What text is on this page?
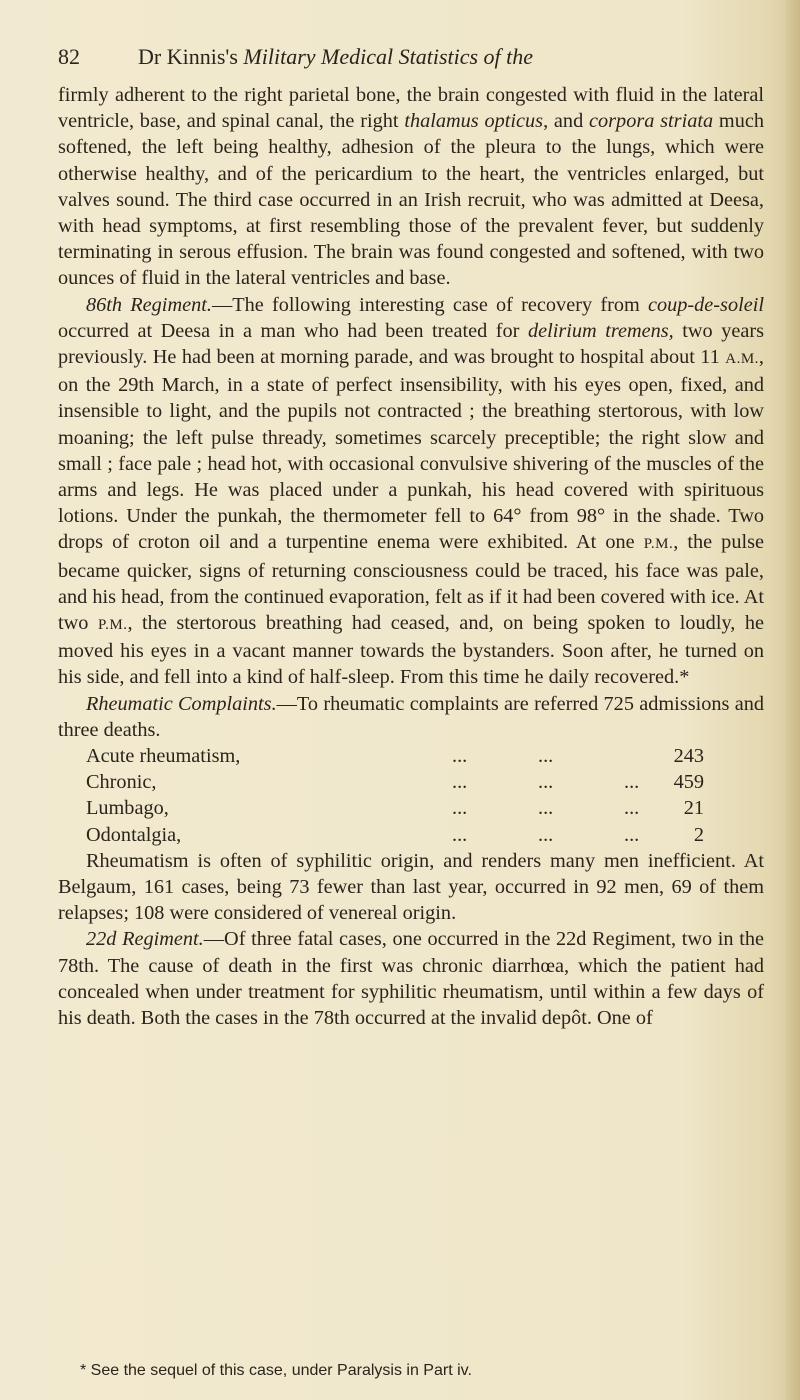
82	Dr Kinnis's Military Medical Statistics of the

firmly adherent to the right parietal bone, the brain congested with fluid in the lateral ventricle, base, and spinal canal, the right thalamus opticus, and corpora striata much softened, the left being healthy, adhesion of the pleura to the lungs, which were otherwise healthy, and of the pericardium to the heart, the ventricles enlarged, but valves sound. The third case occurred in an Irish recruit, who was admitted at Deesa, with head symptoms, at first resembling those of the prevalent fever, but suddenly terminating in serous effusion. The brain was found congested and softened, with two ounces of fluid in the lateral ventricles and base.

86th Regiment.—The following interesting case of recovery from coup-de-soleil occurred at Deesa in a man who had been treated for delirium tremens, two years previously. He had been at morning parade, and was brought to hospital about 11 A.M., on the 29th March, in a state of perfect insensibility, with his eyes open, fixed, and insensible to light, and the pupils not contracted ; the breathing stertorous, with low moaning; the left pulse thready, sometimes scarcely preceptible; the right slow and small ; face pale ; head hot, with occasional convulsive shivering of the muscles of the arms and legs. He was placed under a punkah, his head covered with spirituous lotions. Under the punkah, the thermometer fell to 64° from 98° in the shade. Two drops of croton oil and a turpentine enema were exhibited. At one P.M., the pulse became quicker, signs of returning consciousness could be traced, his face was pale, and his head, from the continued evaporation, felt as if it had been covered with ice. At two P.M., the stertorous breathing had ceased, and, on being spoken to loudly, he moved his eyes in a vacant manner towards the bystanders. Soon after, he turned on his side, and fell into a kind of half-sleep. From this time he daily recovered.*

Rheumatic Complaints.—To rheumatic complaints are referred 725 admissions and three deaths.

Acute rheumatism,	...	...	243
Chronic,	...	...	... 459
Lumbago,	...	...	... 21
Odontalgia,	...	...	...	2

Rheumatism is often of syphilitic origin, and renders many men inefficient. At Belgaum, 161 cases, being 73 fewer than last year, occurred in 92 men, 69 of them relapses; 108 were considered of venereal origin.

22d Regiment.—Of three fatal cases, one occurred in the 22d Regiment, two in the 78th. The cause of death in the first was chronic diarrhœa, which the patient had concealed when under treatment for syphilitic rheumatism, until within a few days of his death. Both the cases in the 78th occurred at the invalid depôt. One of

* See the sequel of this case, under Paralysis in Part iv.
